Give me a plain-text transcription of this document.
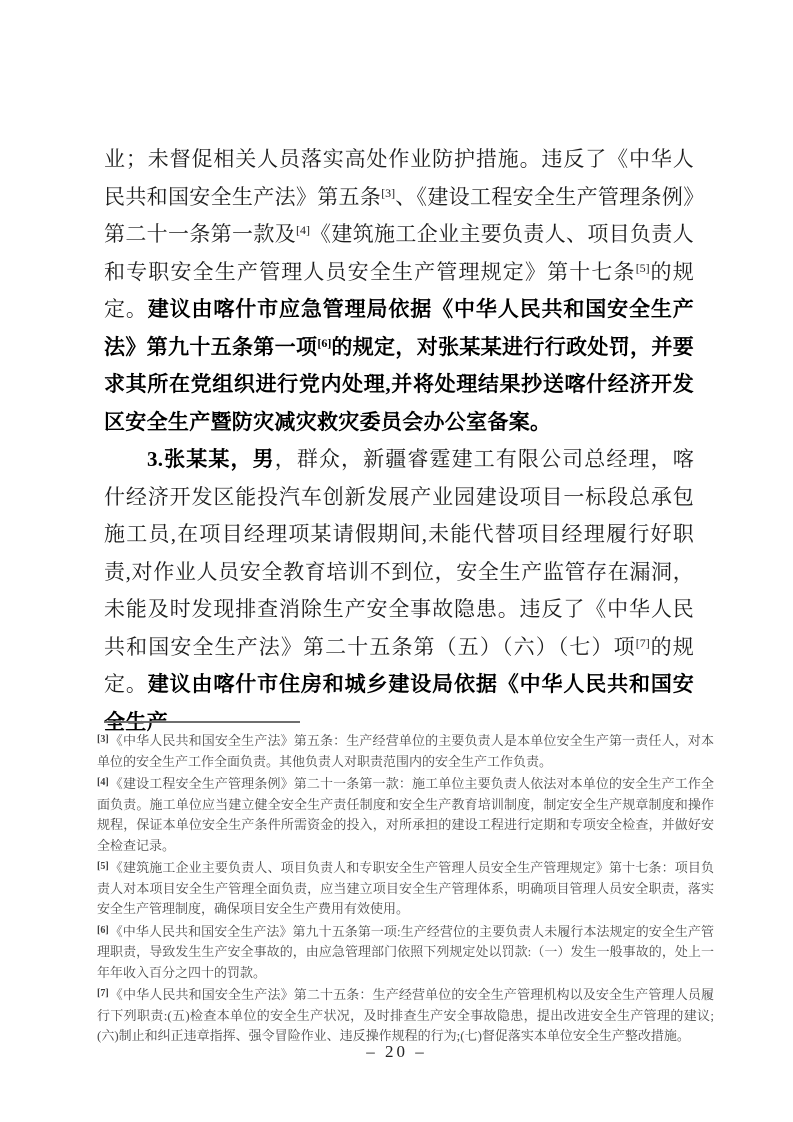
业；未督促相关人员落实高处作业防护措施。违反了《中华人民共和国安全生产法》第五条[3]、《建设工程安全生产管理条例》第二十一条第一款及[4]《建筑施工企业主要负责人、项目负责人和专职安全生产管理人员安全生产管理规定》第十七条[5]的规定。建议由喀什市应急管理局依据《中华人民共和国安全生产法》第九十五条第一项[6]的规定，对张某某进行行政处罚，并要求其所在党组织进行党内处理,并将处理结果抄送喀什经济开发区安全生产暨防灾减灾救灾委员会办公室备案。

3.张某某，男，群众，新疆睿霆建工有限公司总经理，喀什经济开发区能投汽车创新发展产业园建设项目一标段总承包施工员,在项目经理项某请假期间,未能代替项目经理履行好职责,对作业人员安全教育培训不到位，安全生产监管存在漏洞，未能及时发现排查消除生产安全事故隐患。违反了《中华人民共和国安全生产法》第二十五条第（五）（六）（七）项[7]的规定。建议由喀什市住房和城乡建设局依据《中华人民共和国安全生产

[3]《中华人民共和国安全生产法》第五条：生产经营单位的主要负责人是本单位安全生产第一责任人，对本单位的安全生产工作全面负责。其他负责人对职责范围内的安全生产工作负责。

[4]《建设工程安全生产管理条例》第二十一条第一款：施工单位主要负责人依法对本单位的安全生产工作全面负责。施工单位应当建立健全安全生产责任制度和安全生产教育培训制度，制定安全生产规章制度和操作规程，保证本单位安全生产条件所需资金的投入，对所承担的建设工程进行定期和专项安全检查，并做好安全检查记录。

[5]《建筑施工企业主要负责人、项目负责人和专职安全生产管理人员安全生产管理规定》第十七条：项目负责人对本项目安全生产管理全面负责，应当建立项目安全生产管理体系，明确项目管理人员安全职责，落实安全生产管理制度，确保项目安全生产费用有效使用。

[6]《中华人民共和国安全生产法》第九十五条第一项:生产经营位的主要负责人未履行本法规定的安全生产管理职责，导致发生生产安全事故的，由应急管理部门依照下列规定处以罚款:（一）发生一般事故的，处上一年年收入百分之四十的罚款。

[7]《中华人民共和国安全生产法》第二十五条：生产经营单位的安全生产管理机构以及安全生产管理人员履行下列职责:(五)检查本单位的安全生产状况，及时排查生产安全事故隐患，提出改进安全生产管理的建议;(六)制止和纠正违章指挥、强令冒险作业、违反操作规程的行为;(七)督促落实本单位安全生产整改措施。

– 20 –
